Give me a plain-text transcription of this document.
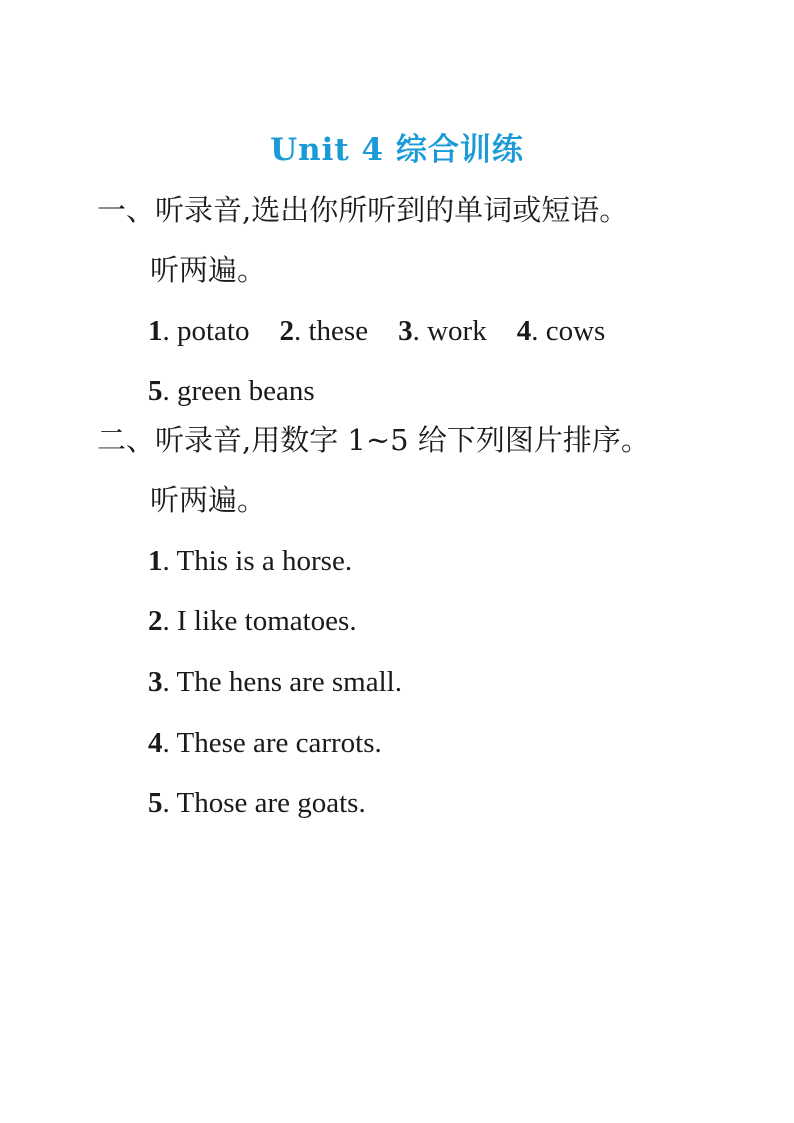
Unit 4 综合训练
一、听录音,选出你所听到的单词或短语。
听两遍。
1. potato 2. these 3. work 4. cows
5. green beans
二、听录音,用数字 1~5 给下列图片排序。
听两遍。
1. This is a horse.
2. I like tomatoes.
3. The hens are small.
4. These are carrots.
5. Those are goats.
